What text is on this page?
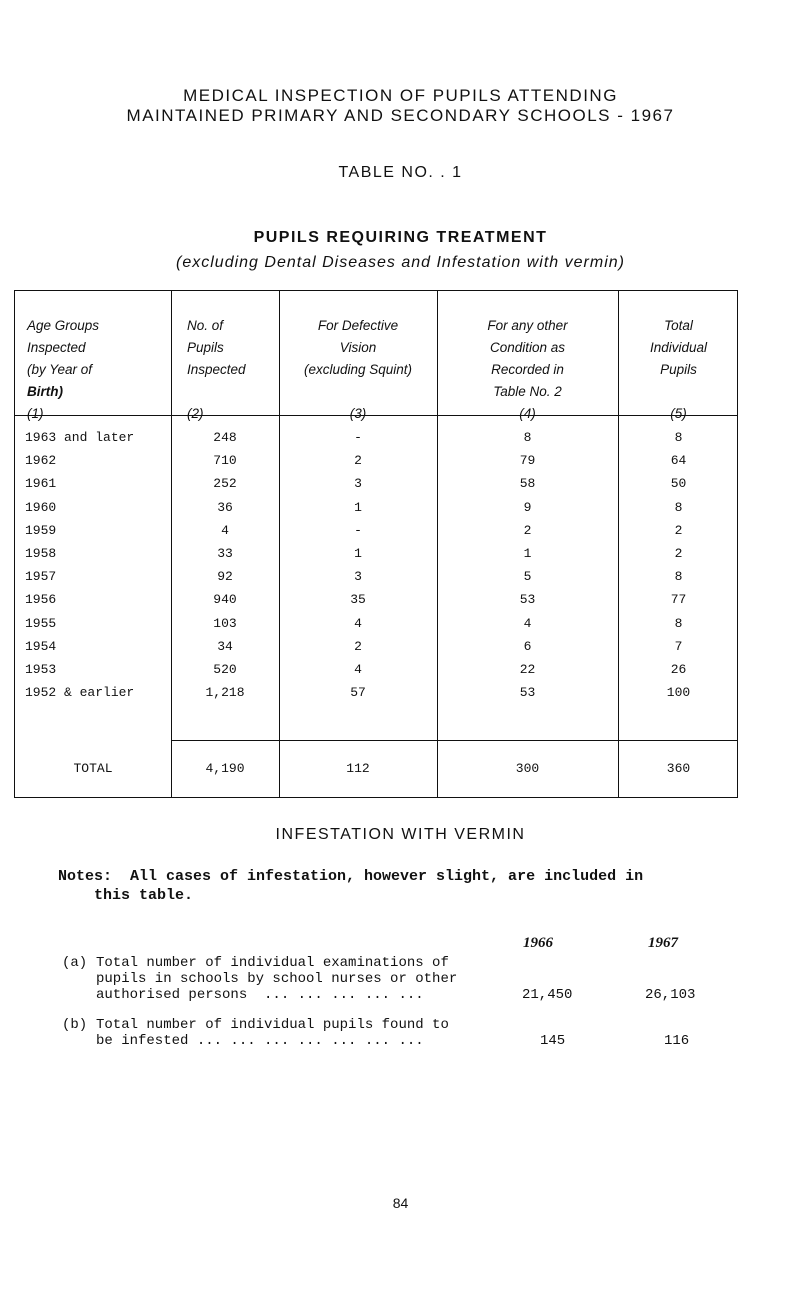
MEDICAL INSPECTION OF PUPILS ATTENDING
MAINTAINED PRIMARY AND SECONDARY SCHOOLS - 1967
TABLE NO. . 1
PUPILS REQUIRING TREATMENT
(excluding Dental Diseases and Infestation with vermin)
Age Groups
Inspected
(by Year of
Birth)
(1)
No. of
Pupils
Inspected
(2)
For Defective
Vision
(excluding Squint)
(3)
For any other
Condition as
Recorded in
Table No. 2
(4)
Total
Individual
Pupils
(5)
1963 and later	248	-	8	8
1962	710	2	79	64
1961	252	3	58	50
1960	36	1	9	8
1959	4	-	2	2
1958	33	1	1	2
1957	92	3	5	8
1956	940	35	53	77
1955	103	4	4	8
1954	34	2	6	7
1953	520	4	22	26
1952 & earlier	1,218	57	53	100
TOTAL	4,190	112	300	360
INFESTATION WITH VERMIN
Notes: All cases of infestation, however slight, are included in
this table.
1966	1967
(a) Total number of individual examinations of
pupils in schools by school nurses or other
authorised persons  ... ... ... ... ...	21,450	26,103
(b) Total number of individual pupils found to
be infested ... ... ... ... ... ... ...	145	116
84
